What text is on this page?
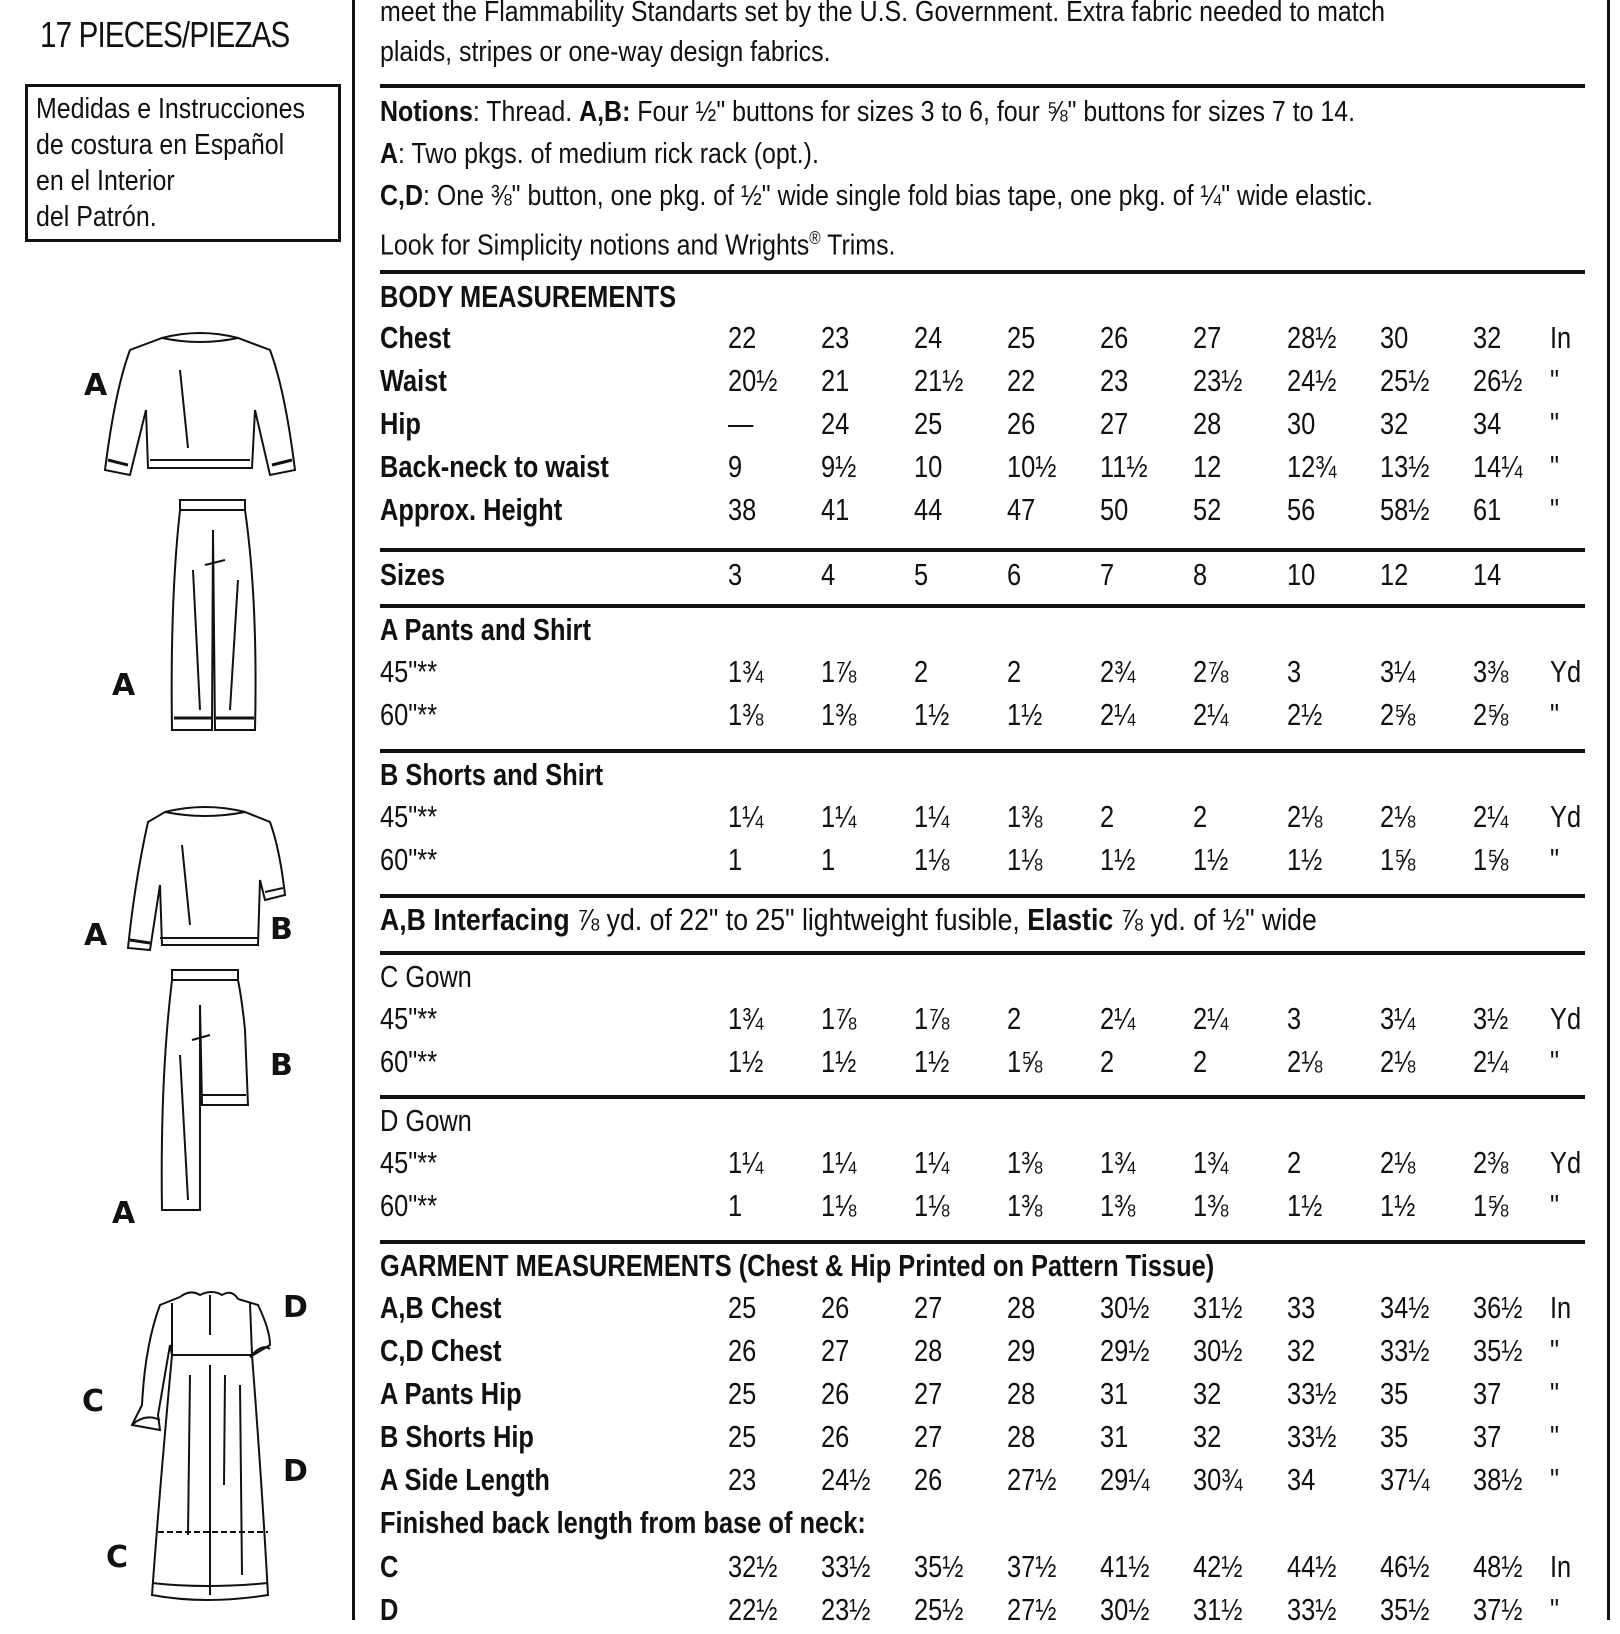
17 PIECES/PIEZAS
Medidas e Instrucciones
de costura en Español
en el Interior
del Patrón.
A
A
A	B
B
A
D
C
D
C
meet the Flammability Standarts set by the U.S. Government. Extra fabric needed to match
plaids, stripes or one-way design fabrics.
Notions: Thread. A,B: Four ½" buttons for sizes 3 to 6, four ⅝" buttons for sizes 7 to 14.
A: Two pkgs. of medium rick rack (opt.).
C,D: One ⅜" button, one pkg. of ½" wide single fold bias tape, one pkg. of ¼" wide elastic.
Look for Simplicity notions and Wrights® Trims.
BODY MEASUREMENTS
Sizes	3	4	5	6	7	8	10 12 14
A Pants and Shirt
B Shorts and Shirt
A,B Interfacing ⅞ yd. of 22" to 25" lightweight fusible, Elastic ⅞ yd. of ½" wide
C Gown
D Gown
GARMENT MEASUREMENTS (Chest & Hip Printed on Pattern Tissue)
Finished back length from base of neck:
Chest	22 23 24 25 26 27 28½ 30 32 In
Waist	20½ 21 21½ 22 23 23½ 24½ 25½ 26½ "
Hip	— 24 25 26 27 28 30 32 34 "
Back-neck to waist	9	9½ 10 10½ 11½ 12 12¾ 13½ 14¼ "
Approx. Height	38 41 44 47 50 52 56 58½ 61 "
45"**	1¾ 1⅞ 2	2	2¾ 2⅞ 3	3¼ 3⅜ Yd
60"**	1⅜ 1⅜ 1½ 1½ 2¼ 2¼ 2½ 2⅝ 2⅝ "
45"**	1¼ 1¼ 1¼ 1⅜ 2	2	2⅛ 2⅛ 2¼ Yd
60"**	1	1	1⅛ 1⅛ 1½ 1½ 1½ 1⅝ 1⅝ "
45"**	1¾ 1⅞ 1⅞ 2	2¼ 2¼ 3	3¼ 3½ Yd
60"**	1½ 1½ 1½ 1⅝ 2	2	2⅛ 2⅛ 2¼ "
45"**	1¼ 1¼ 1¼ 1⅜ 1¾ 1¾ 2	2⅛ 2⅜ Yd
60"**	1	1⅛ 1⅛ 1⅜ 1⅜ 1⅜ 1½ 1½ 1⅝ "
A,B Chest	25 26 27 28 30½ 31½ 33 34½ 36½ In
C,D Chest	26 27 28 29 29½ 30½ 32 33½ 35½ "
A Pants Hip	25 26 27 28 31 32 33½ 35 37 "
B Shorts Hip	25 26 27 28 31 32 33½ 35 37 "
A Side Length	23 24½ 26 27½ 29¼ 30¾ 34 37¼ 38½ "
C	32½ 33½ 35½ 37½ 41½ 42½ 44½ 46½ 48½ In
D	22½ 23½ 25½ 27½ 30½ 31½ 33½ 35½ 37½ "
